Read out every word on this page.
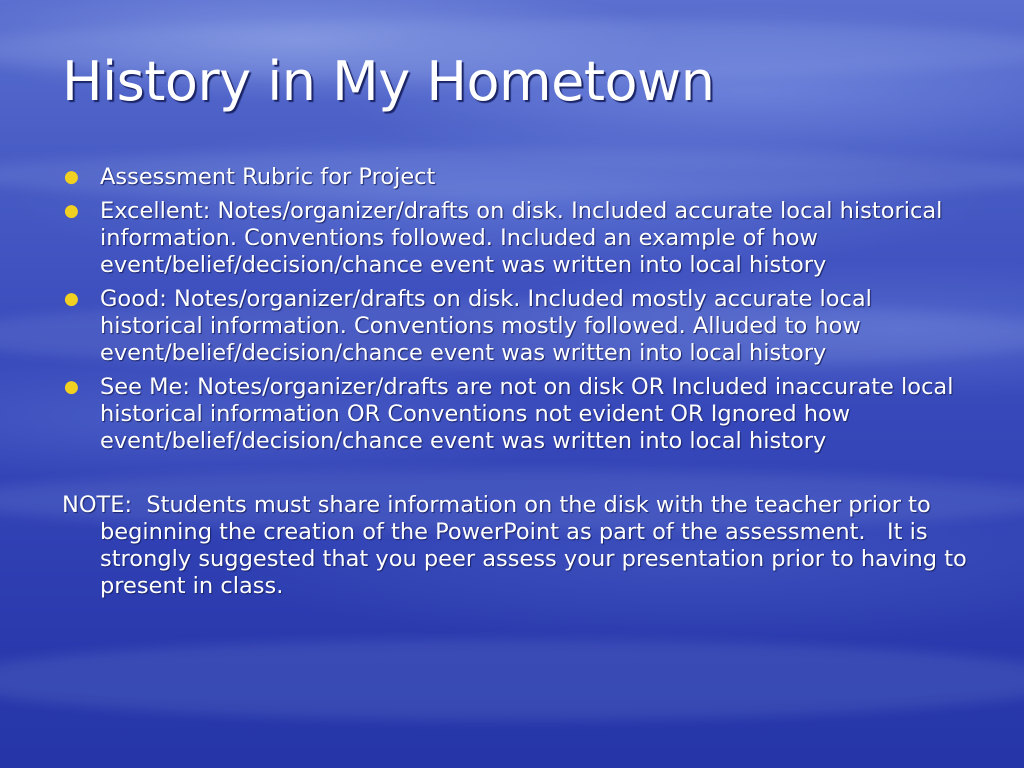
History in My Hometown
● Assessment Rubric for Project
● Excellent: Notes/organizer/drafts on disk. Included accurate local historical information. Conventions followed. Included an example of how event/belief/decision/chance event was written into local history
● Good: Notes/organizer/drafts on disk. Included mostly accurate local historical information. Conventions mostly followed. Alluded to how event/belief/decision/chance event was written into local history
● See Me: Notes/organizer/drafts are not on disk OR Included inaccurate local historical information OR Conventions not evident OR Ignored how event/belief/decision/chance event was written into local history
NOTE:  Students must share information on the disk with the teacher prior to beginning the creation of the PowerPoint as part of the assessment.   It is strongly suggested that you peer assess your presentation prior to having to present in class.
